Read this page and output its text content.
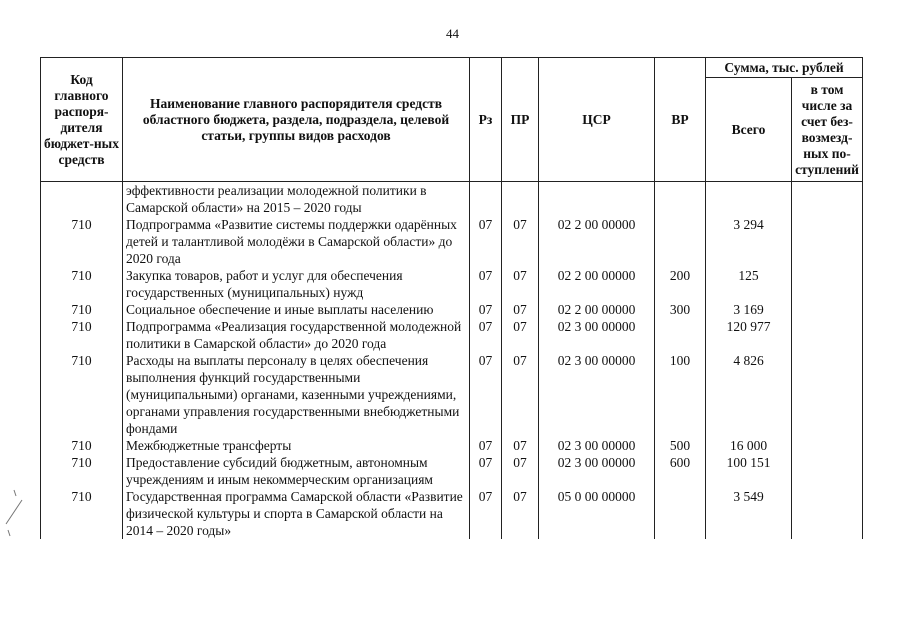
44
Код главного распоря-дителя бюджет-ных средств	Наименование главного распорядителя средств областного бюджета, раздела, подраздела, целевой статьи, группы видов расходов	Рз	ПР	ЦСР	ВР	Сумма, тыс. рублей	
						Всего	в том числе за счет без-возмезд-ных по-ступлений
	эффективности реализации молодежной политики в Самарской области» на 2015 – 2020 годы						
710	Подпрограмма «Развитие системы поддержки одарённых детей и талантливой молодёжи в Самарской области» до 2020 года	07	07	02 2 00 00000		3 294	
710	Закупка товаров, работ и услуг для обеспечения государственных (муниципальных) нужд	07	07	02 2 00 00000	200	125	
710	Социальное обеспечение и иные выплаты населению	07	07	02 2 00 00000	300	3 169	
710	Подпрограмма «Реализация государственной молодежной политики в Самарской области» до 2020 года	07	07	02 3 00 00000		120 977	
710	Расходы на выплаты персоналу в целях обеспечения выполнения функций государственными (муниципальными) органами, казенными учреждениями, органами управления государственными внебюджетными фондами	07	07	02 3 00 00000	100	4 826	
710	Межбюджетные трансферты	07	07	02 3 00 00000	500	16 000	
710	Предоставление субсидий бюджетным, автономным учреждениям и иным некоммерческим организациям	07	07	02 3 00 00000	600	100 151	
710	Государственная программа Самарской области «Развитие физической культуры и спорта в Самарской области на 2014 – 2020 годы»	07	07	05 0 00 00000		3 549	
